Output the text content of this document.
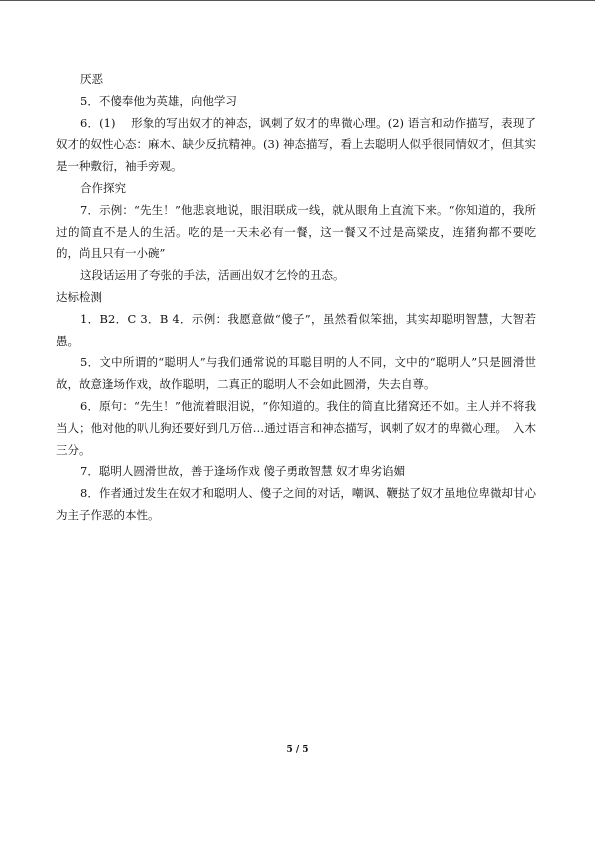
厌恶

5．不傻奉他为英雄，向他学习

6．(1)　 形象的写出奴才的神态，讽刺了奴才的卑微心理。(2) 语言和动作描写，表现了奴才的奴性心态：麻木、缺少反抗精神。(3) 神态描写，看上去聪明人似乎很同情奴才，但其实是一种敷衍，袖手旁观。

合作探究

7．示例：“先生！”他悲哀地说，眼泪联成一线，就从眼角上直流下来。“你知道的，我所过的简直不是人的生活。吃的是一天未必有一餐，这一餐又不过是高粱皮，连猪狗都不要吃的，尚且只有一小碗”

这段话运用了夸张的手法，活画出奴才乞怜的丑态。

达标检测

1．B2．C 3．B 4．示例：我愿意做“傻子”，虽然看似笨拙，其实却聪明智慧，大智若愚。

5．文中所谓的“聪明人”与我们通常说的耳聪目明的人不同，文中的“聪明人”只是圆滑世故，故意逢场作戏，故作聪明，二真正的聪明人不会如此圆滑，失去自尊。

6．原句：“先生！”他流着眼泪说，“你知道的。我住的简直比猪窝还不如。主人并不将我当人；他对他的叭儿狗还要好到几万倍…通过语言和神态描写，讽刺了奴才的卑微心理。　入木三分。

7．聪明人圆滑世故，善于逢场作戏 傻子勇敢智慧 奴才卑劣谄媚

8．作者通过发生在奴才和聪明人、傻子之间的对话，嘲讽、鞭挞了奴才虽地位卑微却甘心为主子作恶的本性。

5 / 5
